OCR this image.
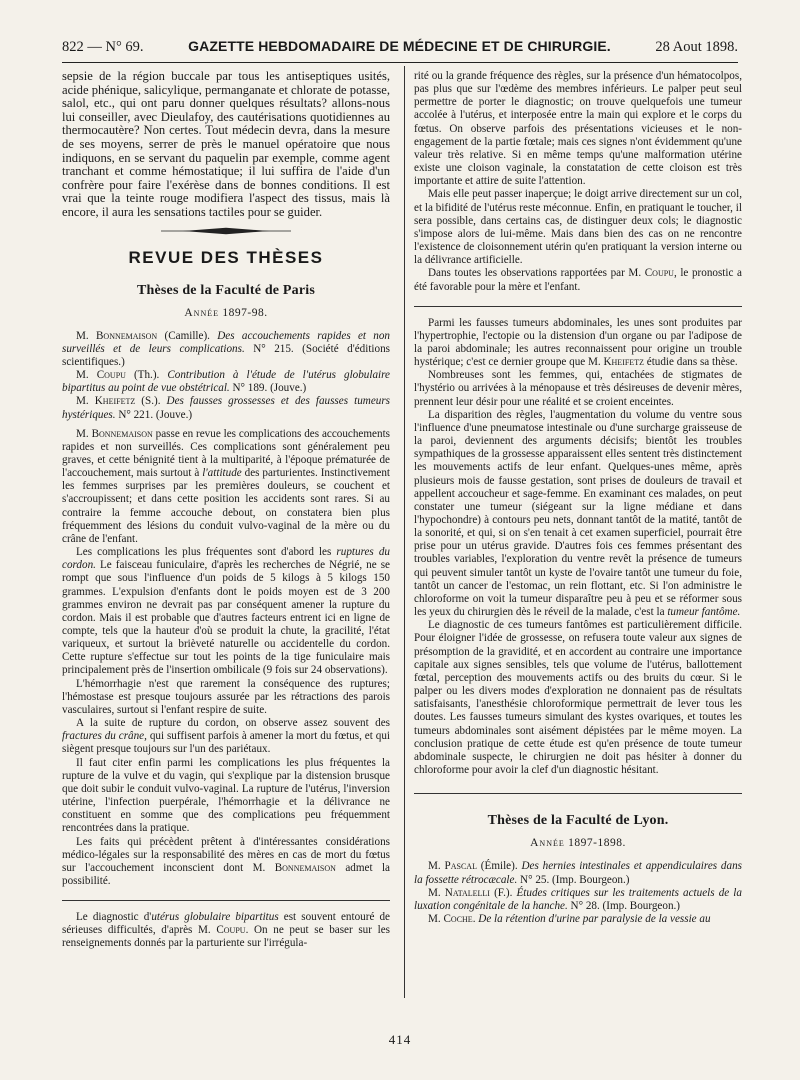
822 — N° 69.	GAZETTE HEBDOMADAIRE DE MÉDECINE ET DE CHIRURGIE.	28 Aout 1898.

sepsie de la région buccale par tous les antiseptiques usités, acide phénique, salicylique, permanganate et chlorate de potasse, salol, etc., qui ont paru donner quelques résultats? allons-nous lui conseiller, avec Dieulafoy, des cautérisations quotidiennes au thermocautère? Non certes. Tout médecin devra, dans la mesure de ses moyens, serrer de près le manuel opératoire que nous indiquons, en se servant du paquelin par exemple, comme agent tranchant et comme hémostatique; il lui suffira de l'aide d'un confrère pour faire l'exérèse dans de bonnes conditions. Il est vrai que la teinte rouge modifiera l'aspect des tissus, mais là encore, il aura les sensations tactiles pour se guider.

REVUE DES THÈSES
Thèses de la Faculté de Paris
Année 1897-98.

M. Bonnemaison (Camille). Des accouchements rapides et non surveillés et de leurs complications. N° 215. (Société d'éditions scientifiques.)

M. Coupu (Th.). Contribution à l'étude de l'utérus globulaire bipartitus au point de vue obstétrical. N° 189. (Jouve.)

M. Kheifetz (S.). Des fausses grossesses et des fausses tumeurs hystériques. N° 221. (Jouve.)

M. Bonnemaison passe en revue les complications des accouchements rapides et non surveillés. Ces complications sont généralement peu graves, et cette bénignité tient à la multiparité, à l'époque prématurée de l'accouchement, mais surtout à l'attitude des parturientes. Instinctivement les femmes surprises par les premières douleurs, se couchent et s'accroupissent; et dans cette position les accidents sont rares. Si au contraire la femme accouche debout, on constatera bien plus fréquemment des lésions du conduit vulvo-vaginal de la mère ou du crâne de l'enfant.

Les complications les plus fréquentes sont d'abord les ruptures du cordon. Le faisceau funiculaire, d'après les recherches de Négrié, ne se rompt que sous l'influence d'un poids de 5 kilogs à 5 kilogs 150 grammes. L'expulsion d'enfants dont le poids moyen est de 3 200 grammes environ ne devrait pas par conséquent amener la rupture du cordon. Mais il est probable que d'autres facteurs entrent ici en ligne de compte, tels que la hauteur d'où se produit la chute, la gracilité, l'état variqueux, et surtout la brièveté naturelle ou accidentelle du cordon. Cette rupture s'effectue sur tout les points de la tige funiculaire mais principalement près de l'insertion ombilicale (9 fois sur 24 observations).

L'hémorrhagie n'est que rarement la conséquence des ruptures; l'hémostase est presque toujours assurée par les rétractions des parois vasculaires, surtout si l'enfant respire de suite.

A la suite de rupture du cordon, on observe assez souvent des fractures du crâne, qui suffisent parfois à amener la mort du fœtus, et qui siègent presque toujours sur l'un des pariétaux.

Il faut citer enfin parmi les complications les plus fréquentes la rupture de la vulve et du vagin, qui s'explique par la distension brusque que doit subir le conduit vulvo-vaginal. La rupture de l'utérus, l'inversion utérine, l'infection puerpérale, l'hémorrhagie et la délivrance ne constituent en somme que des complications peu fréquemment rencontrées dans la pratique.

Les faits qui précèdent prêtent à d'intéressantes considérations médico-légales sur la responsabilité des mères en cas de mort du fœtus sur l'accouchement inconscient dont M. Bonnemaison admet la possibilité.

Le diagnostic d'utérus globulaire bipartitus est souvent entouré de sérieuses difficultés, d'après M. Coupu. On ne peut se baser sur les renseignements donnés par la parturiente sur l'irrégula-

rité ou la grande fréquence des règles, sur la présence d'un hématocolpos, pas plus que sur l'œdème des membres inférieurs. Le palper peut seul permettre de porter le diagnostic; on trouve quelquefois une tumeur accolée à l'utérus, et interposée entre la main qui explore et le corps du fœtus. On observe parfois des présentations vicieuses et le non-engagement de la partie fœtale; mais ces signes n'ont évidemment qu'une valeur très relative. Si en même temps qu'une malformation utérine existe une cloison vaginale, la constatation de cette cloison est très importante et attire de suite l'attention.

Mais elle peut passer inaperçue; le doigt arrive directement sur un col, et la bifidité de l'utérus reste méconnue. Enfin, en pratiquant le toucher, il sera possible, dans certains cas, de distinguer deux cols; le diagnostic s'impose alors de lui-même. Mais dans bien des cas on ne rencontre l'existence de cloisonnement utérin qu'en pratiquant la version interne ou la délivrance artificielle.

Dans toutes les observations rapportées par M. Coupu, le pronostic a été favorable pour la mère et l'enfant.

Parmi les fausses tumeurs abdominales, les unes sont produites par l'hypertrophie, l'ectopie ou la distension d'un organe ou par l'adipose de la paroi abdominale; les autres reconnaissent pour origine un trouble hystérique; c'est ce dernier groupe que M. Kheifetz étudie dans sa thèse.

Nombreuses sont les femmes, qui, entachées de stigmates de l'hystério ou arrivées à la ménopause et très désireuses de devenir mères, prennent leur désir pour une réalité et se croient enceintes.

La disparition des règles, l'augmentation du volume du ventre sous l'influence d'une pneumatose intestinale ou d'une surcharge graisseuse de la paroi, deviennent des arguments décisifs; bientôt les troubles sympathiques de la grossesse apparaissent elles sentent très distinctement les mouvements actifs de leur enfant. Quelques-unes même, après plusieurs mois de fausse gestation, sont prises de douleurs de travail et appellent accoucheur et sage-femme. En examinant ces malades, on peut constater une tumeur (siégeant sur la ligne médiane et dans l'hypochondre) à contours peu nets, donnant tantôt de la matité, tantôt de la sonorité, et qui, si on s'en tenait à cet examen superficiel, pourrait être prise pour un utérus gravide. D'autres fois ces femmes présentant des troubles variables, l'exploration du ventre revêt la présence de tumeurs qui peuvent simuler tantôt un kyste de l'ovaire tantôt une tumeur du foie, tantôt un cancer de l'estomac, un rein flottant, etc. Si l'on administre le chloroforme on voit la tumeur disparaître peu à peu et se réformer sous les yeux du chirurgien dès le réveil de la malade, c'est la tumeur fantôme.

Le diagnostic de ces tumeurs fantômes est particulièrement difficile. Pour éloigner l'idée de grossesse, on refusera toute valeur aux signes de présomption de la gravidité, et en accordent au contraire une importance capitale aux signes sensibles, tels que volume de l'utérus, ballottement fœtal, perception des mouvements actifs ou des bruits du cœur. Si le palper ou les divers modes d'exploration ne donnaient pas de résultats satisfaisants, l'anesthésie chloroformique permettrait de lever tous les doutes. Les fausses tumeurs simulant des kystes ovariques, et toutes les tumeurs abdominales sont aisément dépistées par le même moyen. La conclusion pratique de cette étude est qu'en présence de toute tumeur abdominale suspecte, le chirurgien ne doit pas hésiter à donner du chloroforme pour avoir la clef d'un diagnostic hésitant.

Thèses de la Faculté de Lyon.
Année 1897-1898.

M. Pascal (Émile). Des hernies intestinales et appendiculaires dans la fossette rétrocæcale. N° 25. (Imp. Bourgeon.)

M. Natalelli (F.). Études critiques sur les traitements actuels de la luxation congénitale de la hanche. N° 28. (Imp. Bourgeon.)

M. Coche. De la rétention d'urine par paralysie de la vessie au

414
